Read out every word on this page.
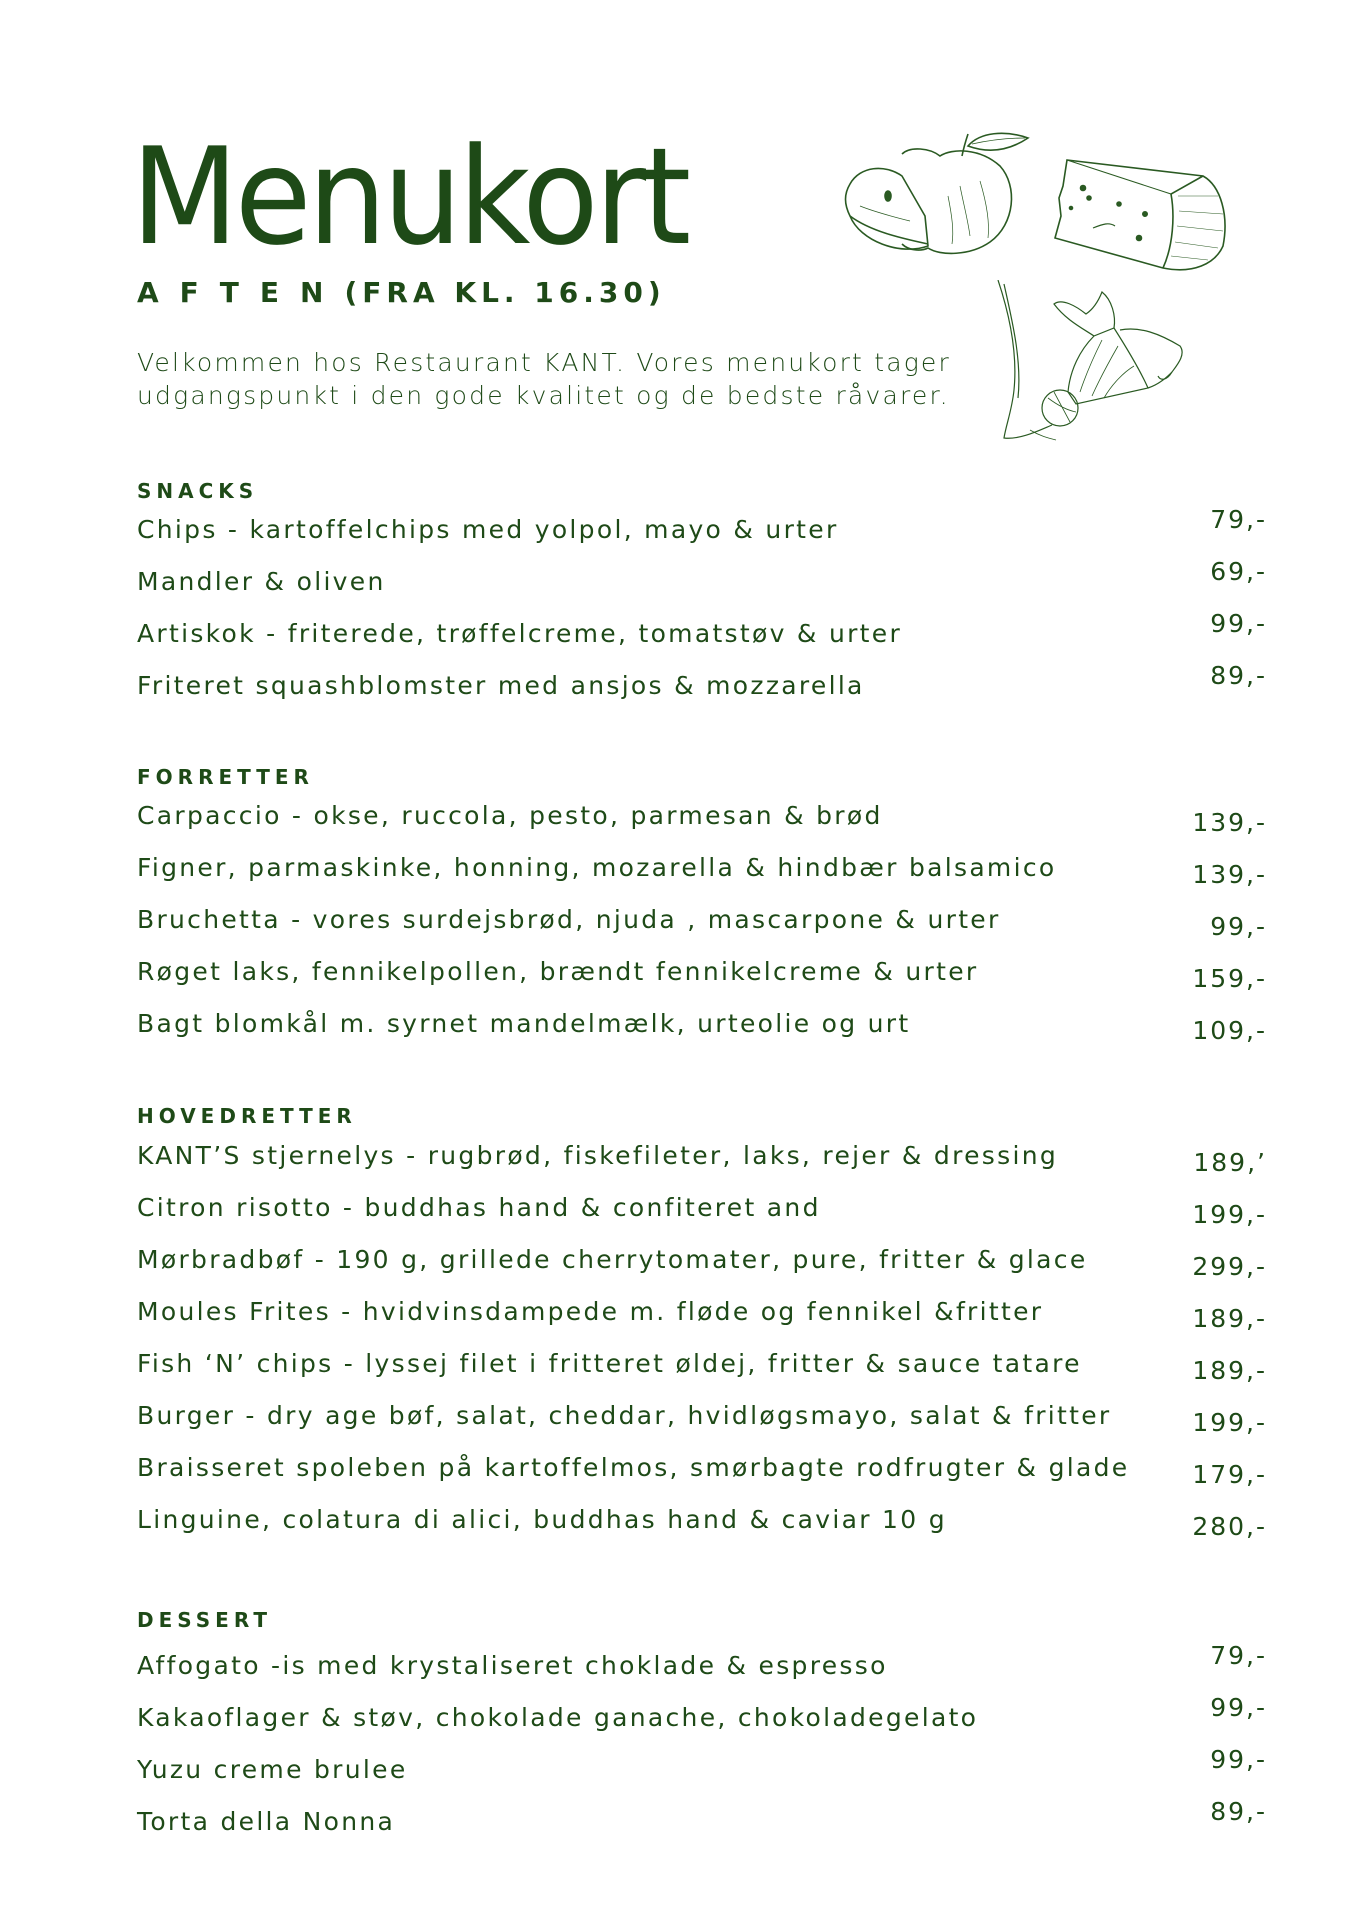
Menukort
AFTEN(FRA KL. 16.30)
Velkommen hos Restaurant KANT. Vores menukort tager
udgangspunkt i den gode kvalitet og de bedste råvarer.
SNACKS
Chips - kartoffelchips med yolpol, mayo & urter	79,-
Mandler & oliven	69,-
Artiskok - friterede, trøffelcreme, tomatstøv & urter	99,-
Friteret squashblomster med ansjos & mozzarella	89,-
FORRETTER
Carpaccio - okse, ruccola, pesto, parmesan & brød	139,-
Figner, parmaskinke, honning, mozarella & hindbær balsamico	139,-
Bruchetta - vores surdejsbrød, njuda , mascarpone & urter	99,-
Røget laks, fennikelpollen, brændt fennikelcreme & urter	159,-
Bagt blomkål m. syrnet mandelmælk, urteolie og urt	109,-
HOVEDRETTER
KANT’S stjernelys - rugbrød, fiskefileter, laks, rejer & dressing	189,’
Citron risotto - buddhas hand & confiteret and	199,-
Mørbradbøf - 190 g, grillede cherrytomater, pure, fritter & glace	299,-
Moules Frites - hvidvinsdampede m. fløde og fennikel &fritter	189,-
Fish ‘N’ chips - lyssej filet i fritteret øldej, fritter & sauce tatare	189,-
Burger - dry age bøf, salat, cheddar, hvidløgsmayo, salat & fritter	199,-
Braisseret spoleben på kartoffelmos, smørbagte rodfrugter & glade	179,-
Linguine, colatura di alici, buddhas hand & caviar 10 g	280,-
DESSERT
Affogato -is med krystaliseret choklade & espresso	79,-
Kakaoflager & støv, chokolade ganache, chokoladegelato	99,-
Yuzu creme brulee	99,-
Torta della Nonna	89,-
